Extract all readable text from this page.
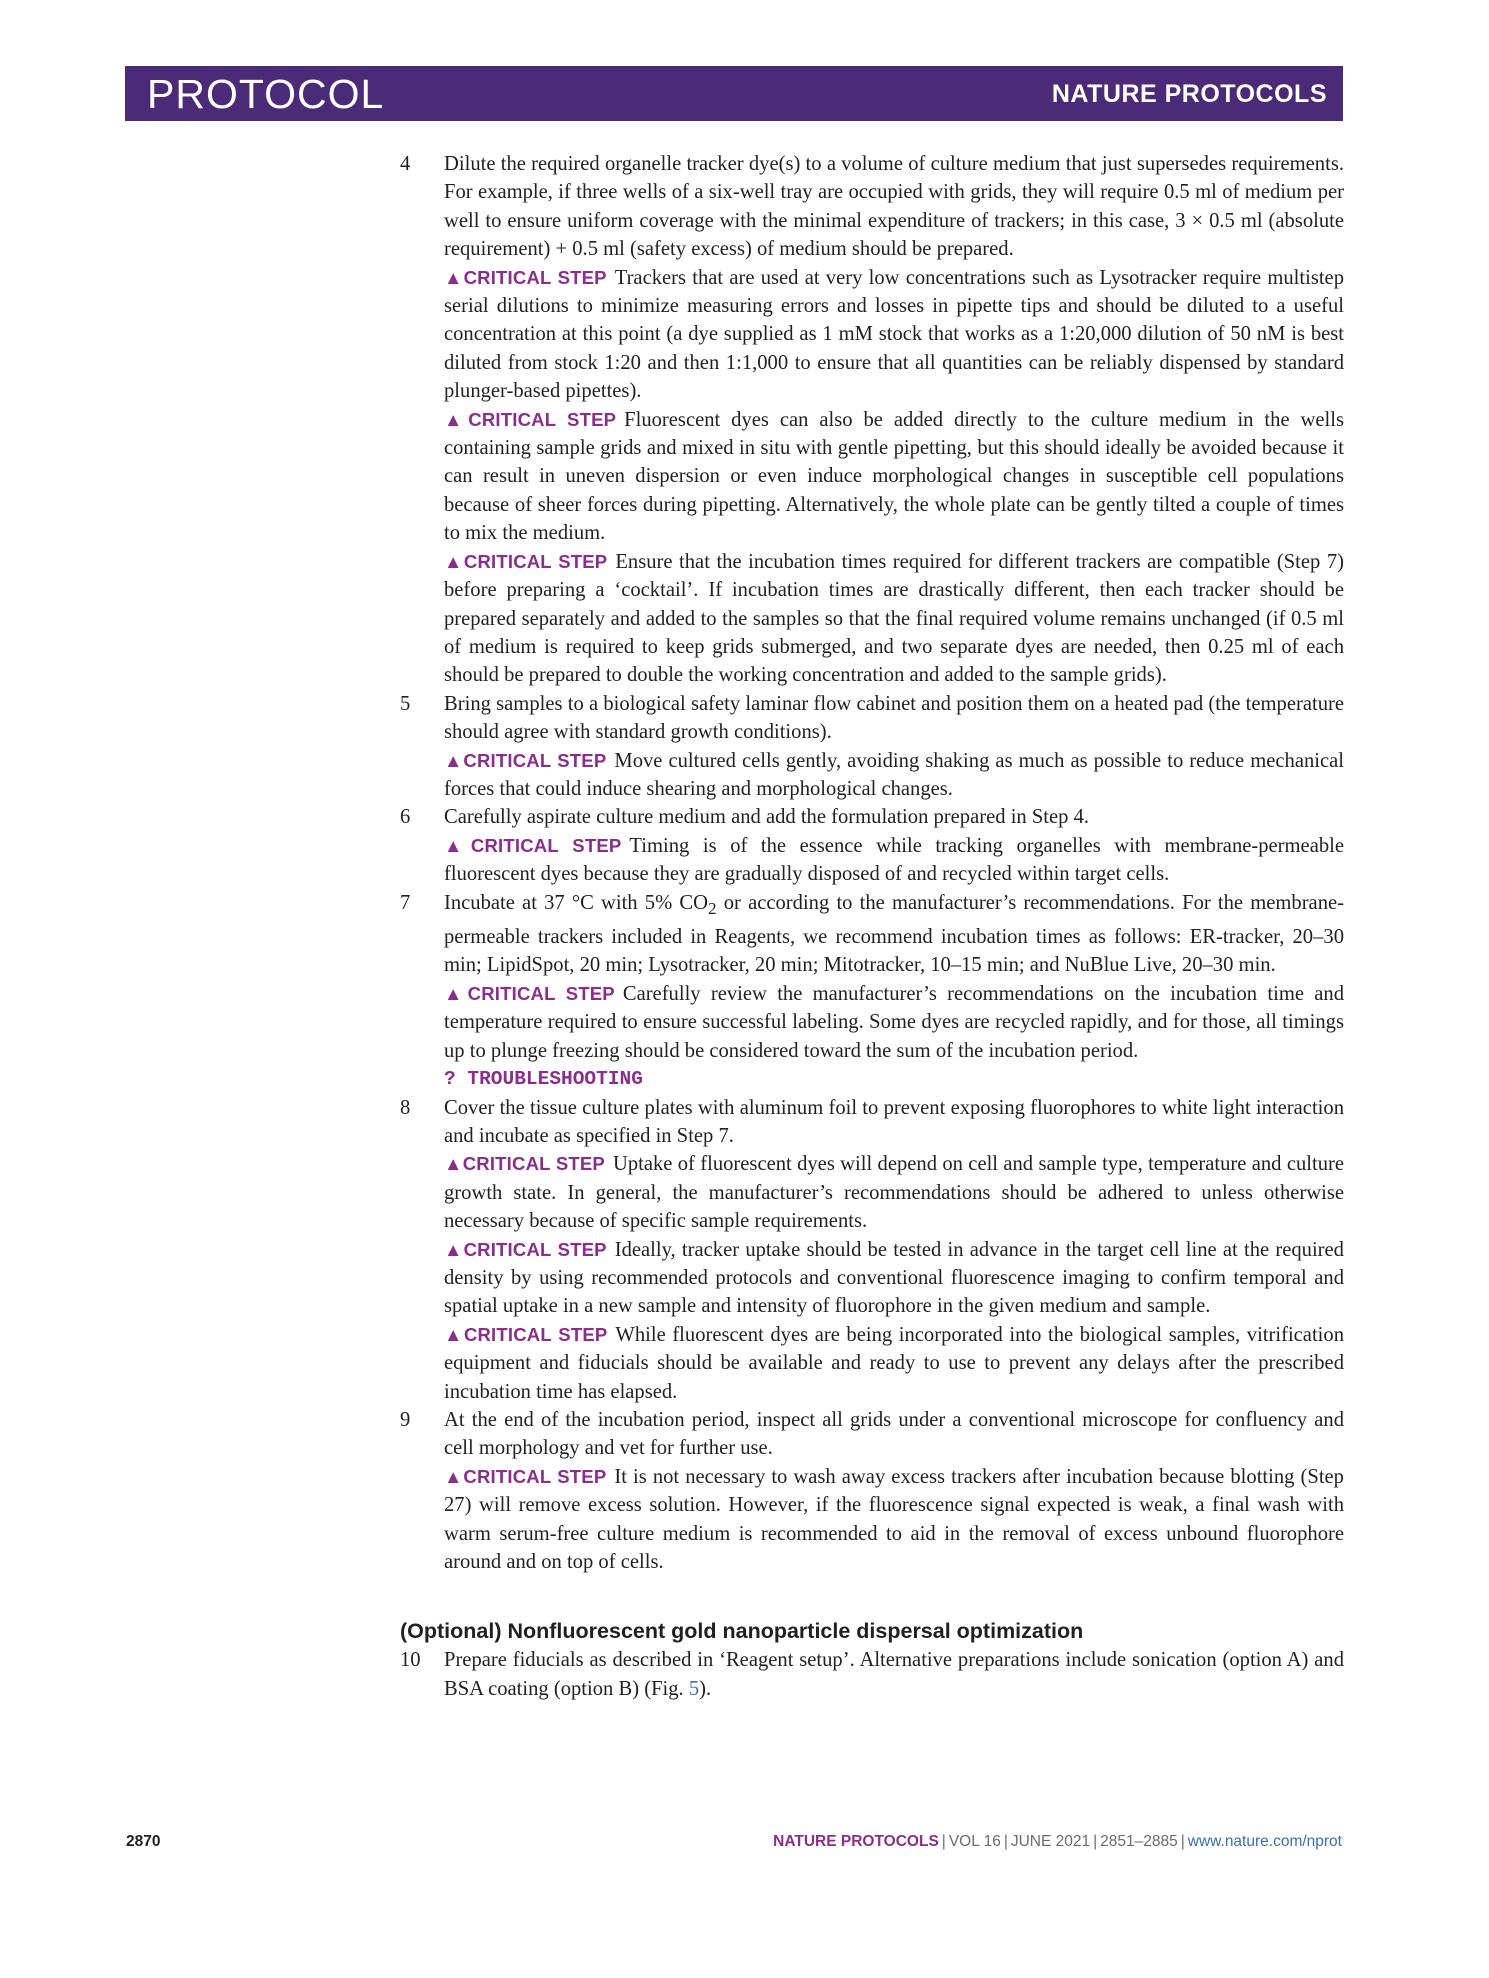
PROTOCOL	NATURE PROTOCOLS
4 Dilute the required organelle tracker dye(s) to a volume of culture medium that just supersedes requirements. For example, if three wells of a six-well tray are occupied with grids, they will require 0.5 ml of medium per well to ensure uniform coverage with the minimal expenditure of trackers; in this case, 3 × 0.5 ml (absolute requirement) + 0.5 ml (safety excess) of medium should be prepared.
▲CRITICAL STEP Trackers that are used at very low concentrations such as Lysotracker require multistep serial dilutions to minimize measuring errors and losses in pipette tips and should be diluted to a useful concentration at this point (a dye supplied as 1 mM stock that works as a 1:20,000 dilution of 50 nM is best diluted from stock 1:20 and then 1:1,000 to ensure that all quantities can be reliably dispensed by standard plunger-based pipettes).
▲CRITICAL STEP Fluorescent dyes can also be added directly to the culture medium in the wells containing sample grids and mixed in situ with gentle pipetting, but this should ideally be avoided because it can result in uneven dispersion or even induce morphological changes in susceptible cell populations because of sheer forces during pipetting. Alternatively, the whole plate can be gently tilted a couple of times to mix the medium.
▲CRITICAL STEP Ensure that the incubation times required for different trackers are compatible (Step 7) before preparing a ‘cocktail’. If incubation times are drastically different, then each tracker should be prepared separately and added to the samples so that the final required volume remains unchanged (if 0.5 ml of medium is required to keep grids submerged, and two separate dyes are needed, then 0.25 ml of each should be prepared to double the working concentration and added to the sample grids).
5 Bring samples to a biological safety laminar flow cabinet and position them on a heated pad (the temperature should agree with standard growth conditions).
▲CRITICAL STEP Move cultured cells gently, avoiding shaking as much as possible to reduce mechanical forces that could induce shearing and morphological changes.
6 Carefully aspirate culture medium and add the formulation prepared in Step 4.
▲CRITICAL STEP Timing is of the essence while tracking organelles with membrane-permeable fluorescent dyes because they are gradually disposed of and recycled within target cells.
7 Incubate at 37 °C with 5% $CO_2$ or according to the manufacturer’s recommendations. For the membrane-permeable trackers included in Reagents, we recommend incubation times as follows: ER-tracker, 20–30 min; LipidSpot, 20 min; Lysotracker, 20 min; Mitotracker, 10–15 min; and NuBlue Live, 20–30 min.
▲CRITICAL STEP Carefully review the manufacturer’s recommendations on the incubation time and temperature required to ensure successful labeling. Some dyes are recycled rapidly, and for those, all timings up to plunge freezing should be considered toward the sum of the incubation period.
? TROUBLESHOOTING
8 Cover the tissue culture plates with aluminum foil to prevent exposing fluorophores to white light interaction and incubate as specified in Step 7.
▲CRITICAL STEP Uptake of fluorescent dyes will depend on cell and sample type, temperature and culture growth state. In general, the manufacturer’s recommendations should be adhered to unless otherwise necessary because of specific sample requirements.
▲CRITICAL STEP Ideally, tracker uptake should be tested in advance in the target cell line at the required density by using recommended protocols and conventional fluorescence imaging to confirm temporal and spatial uptake in a new sample and intensity of fluorophore in the given medium and sample.
▲CRITICAL STEP While fluorescent dyes are being incorporated into the biological samples, vitrification equipment and fiducials should be available and ready to use to prevent any delays after the prescribed incubation time has elapsed.
9 At the end of the incubation period, inspect all grids under a conventional microscope for confluency and cell morphology and vet for further use.
▲CRITICAL STEP It is not necessary to wash away excess trackers after incubation because blotting (Step 27) will remove excess solution. However, if the fluorescence signal expected is weak, a final wash with warm serum-free culture medium is recommended to aid in the removal of excess unbound fluorophore around and on top of cells.
(Optional) Nonfluorescent gold nanoparticle dispersal optimization
10 Prepare fiducials as described in ‘Reagent setup’. Alternative preparations include sonication (option A) and BSA coating (option B) (Fig. 5).
2870	NATURE PROTOCOLS | VOL 16 | JUNE 2021 | 2851–2885 | www.nature.com/nprot
